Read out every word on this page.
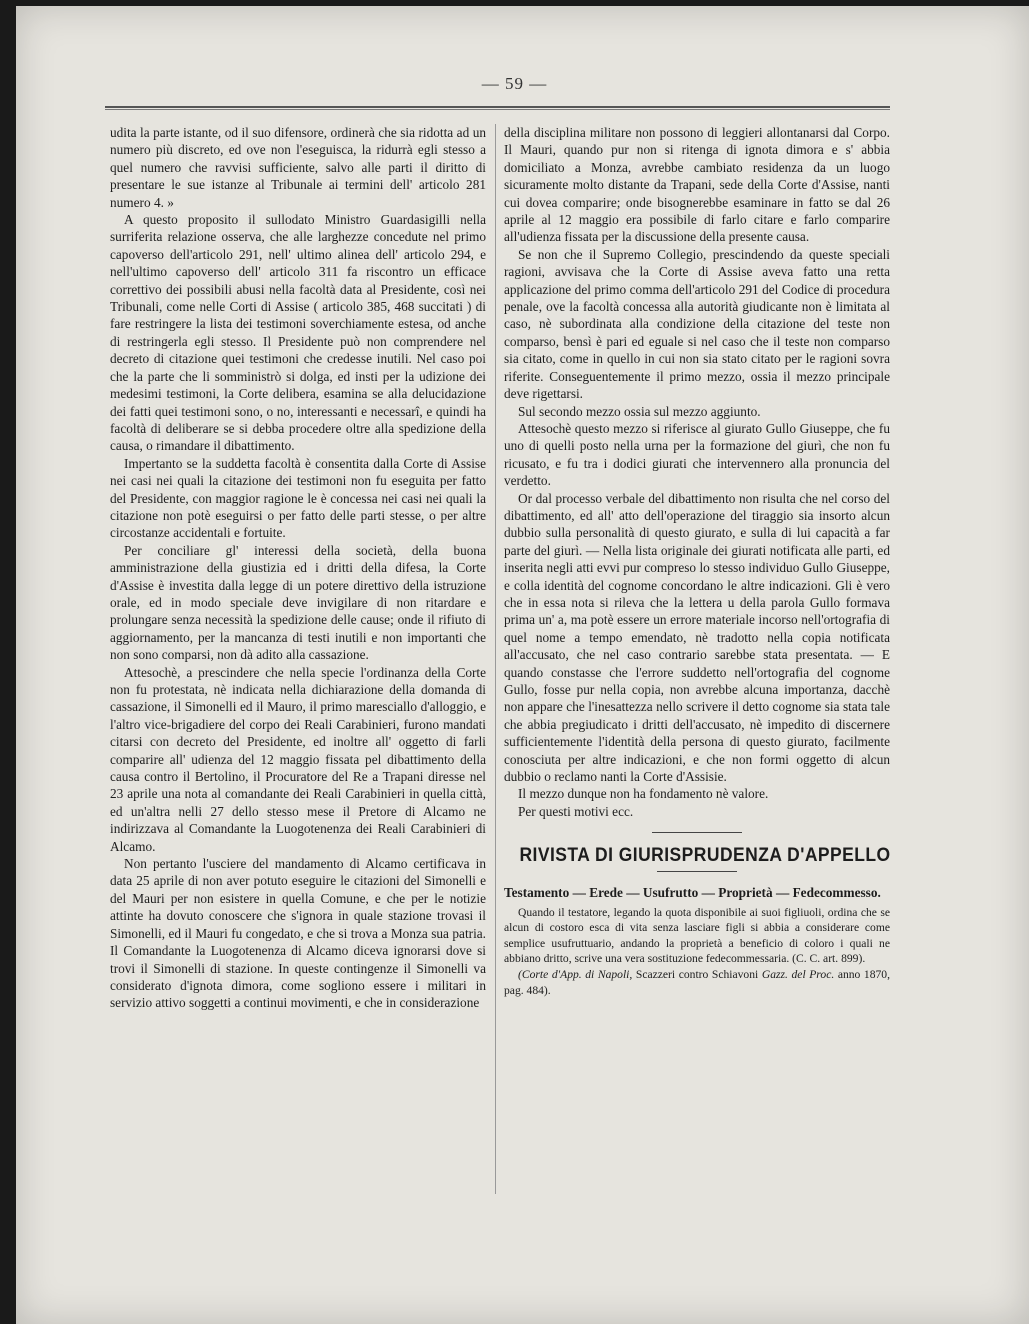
— 59 —

udita la parte istante, od il suo difensore, ordinerà che sia ridotta ad un numero più discreto, ed ove non l'eseguisca, la ridurrà egli stesso a quel numero che ravvisi sufficiente, salvo alle parti il diritto di presentare le sue istanze al Tribunale ai termini dell' articolo 281 numero 4. »

A questo proposito il sullodato Ministro Guardasigilli nella surriferita relazione osserva, che alle larghezze concedute nel primo capoverso dell'articolo 291, nell' ultimo alinea dell' articolo 294, e nell'ultimo capoverso dell' articolo 311 fa riscontro un efficace correttivo dei possibili abusi nella facoltà data al Presidente, così nei Tribunali, come nelle Corti di Assise ( articolo 385, 468 succitati ) di fare restringere la lista dei testimoni soverchiamente estesa, od anche di restringerla egli stesso. Il Presidente può non comprendere nel decreto di citazione quei testimoni che credesse inutili. Nel caso poi che la parte che li somministrò si dolga, ed insti per la udizione dei medesimi testimoni, la Corte delibera, esamina se alla delucidazione dei fatti quei testimoni sono, o no, interessanti e necessarî, e quindi ha facoltà di deliberare se si debba procedere oltre alla spedizione della causa, o rimandare il dibattimento.

Impertanto se la suddetta facoltà è consentita dalla Corte di Assise nei casi nei quali la citazione dei testimoni non fu eseguita per fatto del Presidente, con maggior ragione le è concessa nei casi nei quali la citazione non potè eseguirsi o per fatto delle parti stesse, o per altre circostanze accidentali e fortuite.

Per conciliare gl' interessi della società, della buona amministrazione della giustizia ed i dritti della difesa, la Corte d'Assise è investita dalla legge di un potere direttivo della istruzione orale, ed in modo speciale deve invigilare di non ritardare e prolungare senza necessità la spedizione delle cause; onde il rifiuto di aggiornamento, per la mancanza di testi inutili e non importanti che non sono comparsi, non dà adito alla cassazione.

Attesochè, a prescindere che nella specie l'ordinanza della Corte non fu protestata, nè indicata nella dichiarazione della domanda di cassazione, il Simonelli ed il Mauro, il primo maresciallo d'alloggio, e l'altro vice-brigadiere del corpo dei Reali Carabinieri, furono mandati citarsi con decreto del Presidente, ed inoltre all' oggetto di farli comparire all' udienza del 12 maggio fissata pel dibattimento della causa contro il Bertolino, il Procuratore del Re a Trapani diresse nel 23 aprile una nota al comandante dei Reali Carabinieri in quella città, ed un'altra nelli 27 dello stesso mese il Pretore di Alcamo ne indirizzava al Comandante la Luogotenenza dei Reali Carabinieri di Alcamo.

Non pertanto l'usciere del mandamento di Alcamo certificava in data 25 aprile di non aver potuto eseguire le citazioni del Simonelli e del Mauri per non esistere in quella Comune, e che per le notizie attinte ha dovuto conoscere che s'ignora in quale stazione trovasi il Simonelli, ed il Mauri fu congedato, e che si trova a Monza sua patria. Il Comandante la Luogotenenza di Alcamo diceva ignorarsi dove si trovi il Simonelli di stazione. In queste contingenze il Simonelli va considerato d'ignota dimora, come sogliono essere i militari in servizio attivo soggetti a continui movimenti, e che in considerazione

della disciplina militare non possono di leggieri allontanarsi dal Corpo. Il Mauri, quando pur non si ritenga di ignota dimora e s' abbia domiciliato a Monza, avrebbe cambiato residenza da un luogo sicuramente molto distante da Trapani, sede della Corte d'Assise, nanti cui dovea comparire; onde bisognerebbe esaminare in fatto se dal 26 aprile al 12 maggio era possibile di farlo citare e farlo comparire all'udienza fissata per la discussione della presente causa.

Se non che il Supremo Collegio, prescindendo da queste speciali ragioni, avvisava che la Corte di Assise aveva fatto una retta applicazione del primo comma dell'articolo 291 del Codice di procedura penale, ove la facoltà concessa alla autorità giudicante non è limitata al caso, nè subordinata alla condizione della citazione del teste non comparso, bensì è pari ed eguale si nel caso che il teste non comparso sia citato, come in quello in cui non sia stato citato per le ragioni sovra riferite. Conseguentemente il primo mezzo, ossia il mezzo principale deve rigettarsi.

Sul secondo mezzo ossia sul mezzo aggiunto.

Attesochè questo mezzo si riferisce al giurato Gullo Giuseppe, che fu uno di quelli posto nella urna per la formazione del giurì, che non fu ricusato, e fu tra i dodici giurati che intervennero alla pronuncia del verdetto.

Or dal processo verbale del dibattimento non risulta che nel corso del dibattimento, ed all' atto dell'operazione del tiraggio sia insorto alcun dubbio sulla personalità di questo giurato, e sulla di lui capacità a far parte del giurì. — Nella lista originale dei giurati notificata alle parti, ed inserita negli atti evvi pur compreso lo stesso individuo Gullo Giuseppe, e colla identità del cognome concordano le altre indicazioni. Gli è vero che in essa nota si rileva che la lettera u della parola Gullo formava prima un' a, ma potè essere un errore materiale incorso nell'ortografia di quel nome a tempo emendato, nè tradotto nella copia notificata all'accusato, che nel caso contrario sarebbe stata presentata. — E quando constasse che l'errore suddetto nell'ortografia del cognome Gullo, fosse pur nella copia, non avrebbe alcuna importanza, dacchè non appare che l'inesattezza nello scrivere il detto cognome sia stata tale che abbia pregiudicato i dritti dell'accusato, nè impedito di discernere sufficientemente l'identità della persona di questo giurato, facilmente conosciuta per altre indicazioni, e che non formi oggetto di alcun dubbio o reclamo nanti la Corte d'Assisie.

Il mezzo dunque non ha fondamento nè valore.

Per questi motivi ecc.

RIVISTA DI GIURISPRUDENZA D'APPELLO

Testamento — Erede — Usufrutto — Proprietà — Fedecommesso.

Quando il testatore, legando la quota disponibile ai suoi figliuoli, ordina che se alcun di costoro esca di vita senza lasciare figli si abbia a considerare come semplice usufruttuario, andando la proprietà a beneficio di coloro i quali ne abbiano dritto, scrive una vera sostituzione fedecommessaria. (C. C. art. 899).

(Corte d'App. di Napoli, Scazzeri contro Schiavoni Gazz. del Proc. anno 1870, pag. 484).
